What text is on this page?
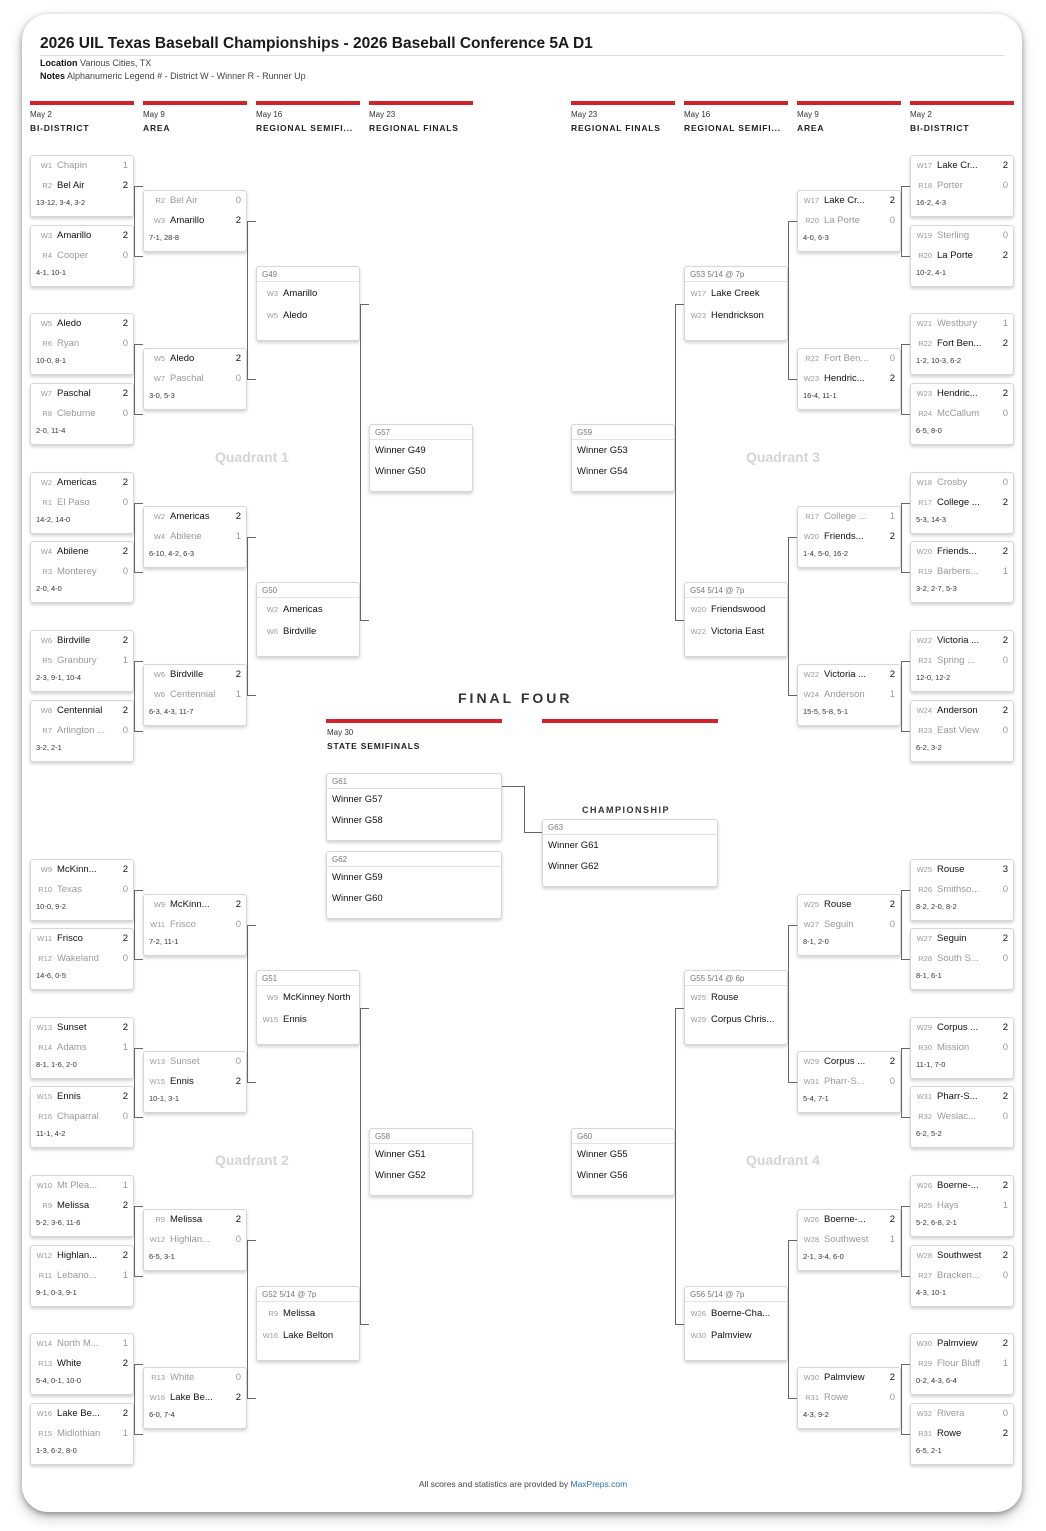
2026 UIL Texas Baseball Championships - 2026 Baseball Conference 5A D1
Location Various Cities, TX
Notes Alphanumeric Legend # - District W - Winner R - Runner Up
May 2
BI-DISTRICT
May 9
AREA
May 16
REGIONAL SEMIFI...
May 23
REGIONAL FINALS
May 23
REGIONAL FINALS
May 16
REGIONAL SEMIFI...
May 9
AREA
May 2
BI-DISTRICT
W1 Chapin	1
R2 Bel Air	2
13-12, 3-4, 3-2
W3 Amarillo	2
R4 Cooper	0
4-1, 10-1
W5 Aledo	2
R6 Ryan	0
10-0, 8-1
W7 Paschal	2
R8 Cleburne	0
2-0, 11-4
W2 Americas	2
R1 El Paso	0
14-2, 14-0
W4 Abilene	2
R3 Monterey	0
2-0, 4-0
W6 Birdville	2
R5 Granbury	1
2-3, 9-1, 10-4
W8 Centennial	2
R7 Arlington ...	0
3-2, 2-1
W9 McKinn...	2
R10 Texas	0
10-0, 9-2
W11 Frisco	2
R12 Wakeland	0
14-6, 0-5
W13 Sunset	2
R14 Adams	1
8-1, 1-6, 2-0
W15 Ennis	2
R16 Chaparral	0
11-1, 4-2
W10 Mt Plea...	1
R9 Melissa	2
5-2, 3-6, 11-6
W12 Highlan...	2
R11 Lebano...	1
9-1, 0-3, 9-1
W14 North M...	1
R13 White	2
5-4, 0-1, 10-0
W16 Lake Be...	2
R15 Midlothian	1
1-3, 6-2, 8-0
R2 Bel Air	0
W3 Amarillo	2
7-1, 28-8
W5 Aledo	2
W7 Paschal	0
3-0, 5-3
W2 Americas	2
W4 Abilene	1
6-10, 4-2, 6-3
W6 Birdville	2
W8 Centennial	1
6-3, 4-3, 11-7
W9 McKinn...	2
W11 Frisco	0
7-2, 11-1
W13 Sunset	0
W15 Ennis	2
10-1, 3-1
R9 Melissa	2
W12 Highlan...	0
6-5, 3-1
R13 White	0
W16 Lake Be...	2
6-0, 7-4
G49
W3 Amarillo
W5 Aledo
G50
W2 Americas
W6 Birdville
G51
W9 McKinney North
W15 Ennis
G52 5/14 @ 7p
R9 Melissa
W16 Lake Belton
G57
Winner G49
Winner G50
G58
Winner G51
Winner G52
W17 Lake Cr...	2
R18 Porter	0
16-2, 4-3
W19 Sterling	0
R20 La Porte	2
10-2, 4-1
W21 Westbury	1
R22 Fort Ben...	2
1-2, 10-3, 6-2
W23 Hendric...	2
R24 McCallum	0
6-5, 8-0
W18 Crosby	0
R17 College ...	2
5-3, 14-3
W20 Friends...	2
R19 Barbers...	1
3-2, 2-7, 5-3
W22 Victoria ...	2
R21 Spring ...	0
12-0, 12-2
W24 Anderson	2
R23 East View	0
6-2, 3-2
W25 Rouse	3
R26 Smithso...	0
8-2, 2-0, 8-2
W27 Seguin	2
R28 South S...	0
8-1, 6-1
W29 Corpus ...	2
R30 Mission	0
11-1, 7-0
W31 Pharr-S...	2
R32 Weslac...	0
6-2, 5-2
W26 Boerne-...	2
R25 Hays	1
5-2, 6-8, 2-1
W28 Southwest	2
R27 Bracken...	0
4-3, 10-1
W30 Palmview	2
R29 Flour Bluff	1
0-2, 4-3, 6-4
W32 Rivera	0
R31 Rowe	2
6-5, 2-1
W17 Lake Cr...	2
R20 La Porte	0
4-0, 6-3
R22 Fort Ben...	0
W23 Hendric...	2
16-4, 11-1
R17 College ...	1
W20 Friends...	2
1-4, 5-0, 16-2
W22 Victoria ...	2
W24 Anderson	1
15-5, 5-8, 5-1
W25 Rouse	2
W27 Seguin	0
8-1, 2-0
W29 Corpus ...	2
W31 Pharr-S...	0
5-4, 7-1
W26 Boerne-...	2
W28 Southwest	1
2-1, 3-4, 6-0
W30 Palmview	2
R31 Rowe	0
4-3, 9-2
G53 5/14 @ 7p
W17 Lake Creek
W23 Hendrickson
G54 5/14 @ 7p
W20 Friendswood
W22 Victoria East
G55 5/14 @ 6p
W25 Rouse
W29 Corpus Chris...
G56 5/14 @ 7p
W26 Boerne-Cha...
W30 Palmview
G59
Winner G53
Winner G54
G60
Winner G55
Winner G56
Quadrant 1	Quadrant 3
Quadrant 2	Quadrant 4
May 30
STATE SEMIFINALS
G61
Winner G57
Winner G58
G62
Winner G59
Winner G60
G63
Winner G61
Winner G62
FINAL FOUR
CHAMPIONSHIP
All scores and statistics are provided by MaxPreps.com
